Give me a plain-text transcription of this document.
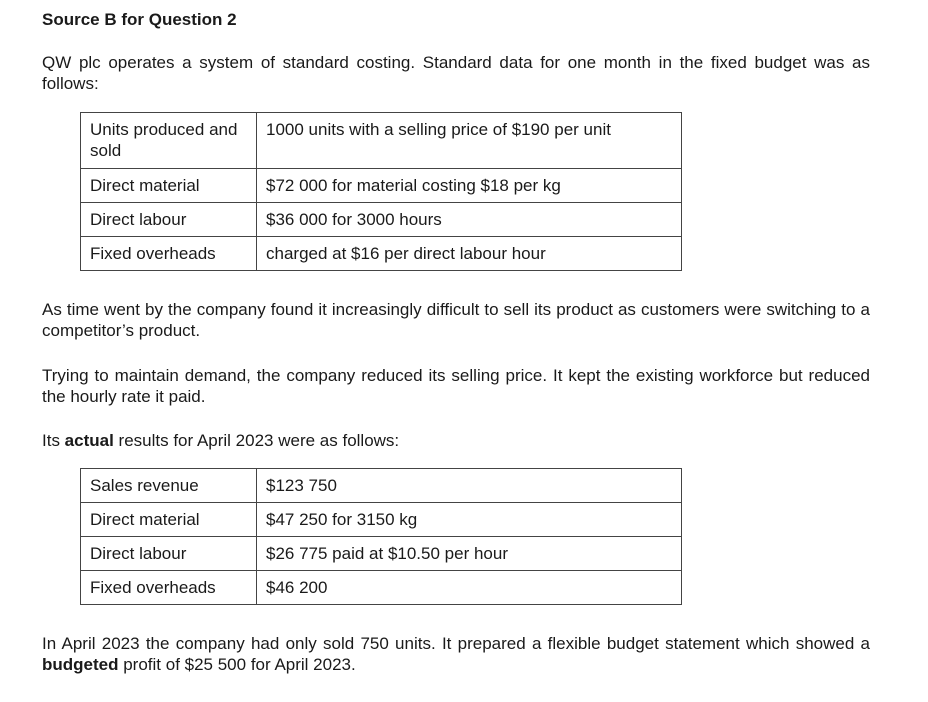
Source B for Question 2

QW plc operates a system of standard costing. Standard data for one month in the fixed budget was as follows:

Units produced and sold	1000 units with a selling price of $190 per unit
Direct material	$72 000 for material costing $18 per kg
Direct labour	$36 000 for 3000 hours
Fixed overheads	charged at $16 per direct labour hour

As time went by the company found it increasingly difficult to sell its product as customers were switching to a competitor’s product.

Trying to maintain demand, the company reduced its selling price. It kept the existing workforce but reduced the hourly rate it paid.

Its actual results for April 2023 were as follows:

Sales revenue	$123 750
Direct material	$47 250 for 3150 kg
Direct labour	$26 775 paid at $10.50 per hour
Fixed overheads	$46 200

In April 2023 the company had only sold 750 units. It prepared a flexible budget statement which showed a budgeted profit of $25 500 for April 2023.
